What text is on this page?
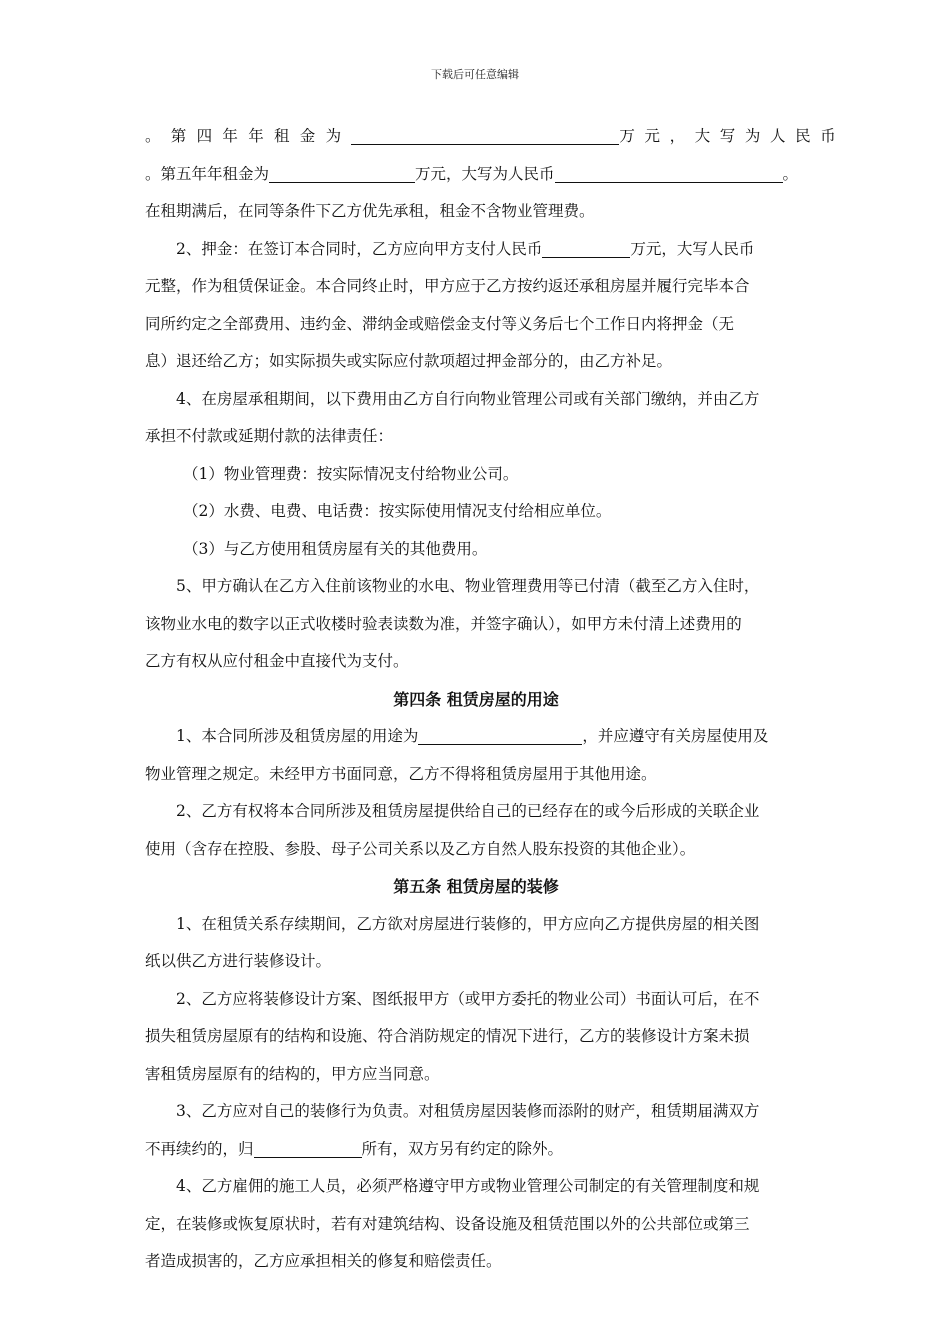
下载后可任意编辑
。第四年年租金为	万元，大写为人民币
。第五年年租金为	万元，大写为人民币	。
在租期满后，在同等条件下乙方优先承租，租金不含物业管理费。
2、押金：在签订本合同时，乙方应向甲方支付人民币	万元，大写人民币
元整，作为租赁保证金。本合同终止时，甲方应于乙方按约返还承租房屋并履行完毕本合
同所约定之全部费用、违约金、滞纳金或赔偿金支付等义务后七个工作日内将押金（无
息）退还给乙方；如实际损失或实际应付款项超过押金部分的，由乙方补足。
4、在房屋承租期间，以下费用由乙方自行向物业管理公司或有关部门缴纳，并由乙方
承担不付款或延期付款的法律责任：
（1）物业管理费：按实际情况支付给物业公司。
（2）水费、电费、电话费：按实际使用情况支付给相应单位。
（3）与乙方使用租赁房屋有关的其他费用。
5、甲方确认在乙方入住前该物业的水电、物业管理费用等已付清（截至乙方入住时，
该物业水电的数字以正式收楼时验表读数为准，并签字确认），如甲方未付清上述费用的
乙方有权从应付租金中直接代为支付。
第四条 租赁房屋的用途
1、本合同所涉及租赁房屋的用途为	，并应遵守有关房屋使用及
物业管理之规定。未经甲方书面同意，乙方不得将租赁房屋用于其他用途。
2、乙方有权将本合同所涉及租赁房屋提供给自己的已经存在的或今后形成的关联企业
使用（含存在控股、参股、母子公司关系以及乙方自然人股东投资的其他企业）。
第五条 租赁房屋的装修
1、在租赁关系存续期间，乙方欲对房屋进行装修的，甲方应向乙方提供房屋的相关图
纸以供乙方进行装修设计。
2、乙方应将装修设计方案、图纸报甲方（或甲方委托的物业公司）书面认可后，在不
损失租赁房屋原有的结构和设施、符合消防规定的情况下进行，乙方的装修设计方案未损
害租赁房屋原有的结构的，甲方应当同意。
3、乙方应对自己的装修行为负责。对租赁房屋因装修而添附的财产，租赁期届满双方
不再续约的，归	所有，双方另有约定的除外。
4、乙方雇佣的施工人员，必须严格遵守甲方或物业管理公司制定的有关管理制度和规
定，在装修或恢复原状时，若有对建筑结构、设备设施及租赁范围以外的公共部位或第三
者造成损害的，乙方应承担相关的修复和赔偿责任。
